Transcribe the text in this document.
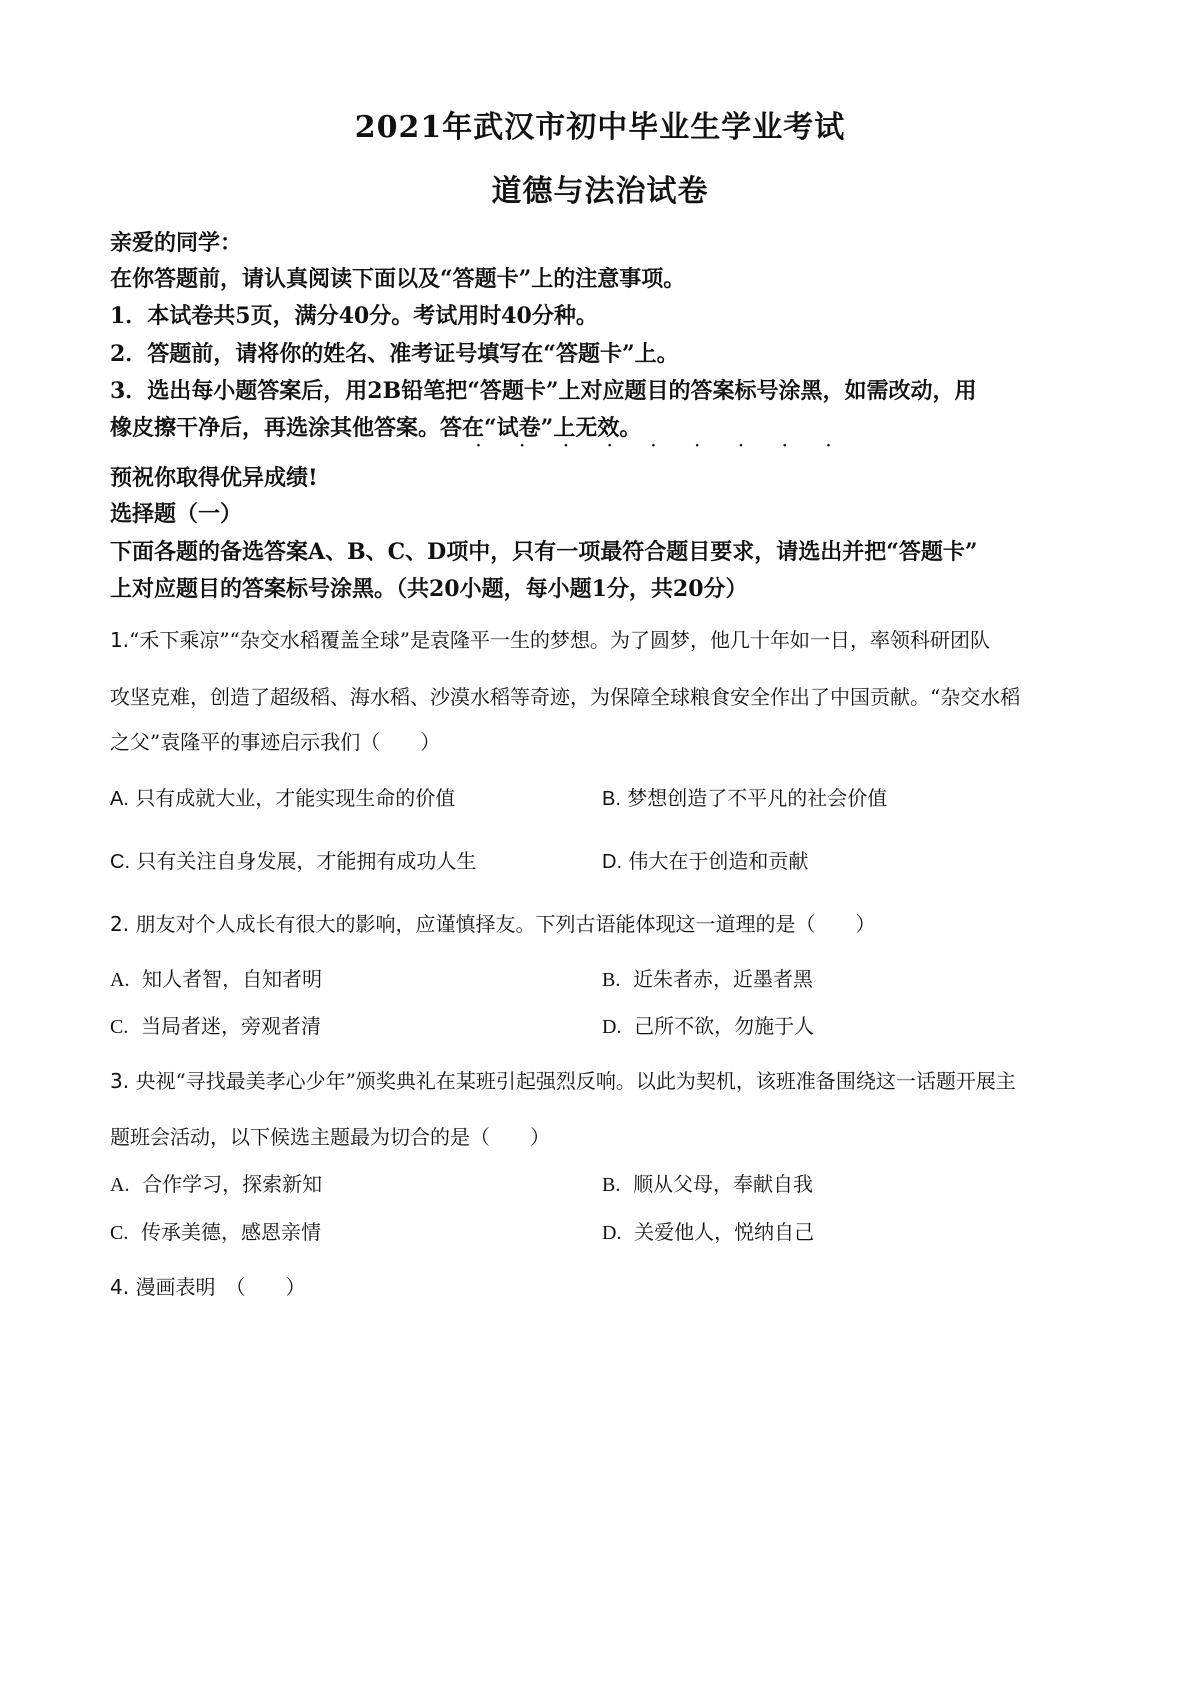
2021年武汉市初中毕业生学业考试
道德与法治试卷
亲爱的同学：
在你答题前，请认真阅读下面以及“答题卡”上的注意事项。
1．本试卷共5页，满分40分。考试用时40分种。
2．答题前，请将你的姓名、准考证号填写在“答题卡”上。
3．选出每小题答案后，用2B铅笔把“答题卡”上对应题目的答案标号涂黑，如需改动，用
橡皮擦干净后，再选涂其他答案。答在“试卷”上无效。
· · · · · · · · ·
预祝你取得优异成绩!
选择题（一）
下面各题的备选答案A、B、C、D项中，只有一项最符合题目要求，请选出并把“答题卡”
上对应题目的答案标号涂黑。（共20小题，每小题1分，共20分）
1.“禾下乘凉”“杂交水稻覆盖全球”是袁隆平一生的梦想。为了圆梦，他几十年如一日，率领科研团队
攻坚克难，创造了超级稻、海水稻、沙漠水稻等奇迹，为保障全球粮食安全作出了中国贡献。“杂交水稻
之父”袁隆平的事迹启示我们（　　）
A. 只有成就大业，才能实现生命的价值	B. 梦想创造了不平凡的社会价值
C. 只有关注自身发展，才能拥有成功人生	D. 伟大在于创造和贡献
2. 朋友对个人成长有很大的影响，应谨慎择友。下列古语能体现这一道理的是（　　）
A. 知人者智，自知者明	B. 近朱者赤，近墨者黑
C. 当局者迷，旁观者清	D. 己所不欲，勿施于人
3. 央视“寻找最美孝心少年”颁奖典礼在某班引起强烈反响。以此为契机，该班准备围绕这一话题开展主
题班会活动，以下候选主题最为切合的是（　　）
A. 合作学习，探索新知	B. 顺从父母，奉献自我
C. 传承美德，感恩亲情	D. 关爱他人，悦纳自己
4. 漫画表明　（　　）
